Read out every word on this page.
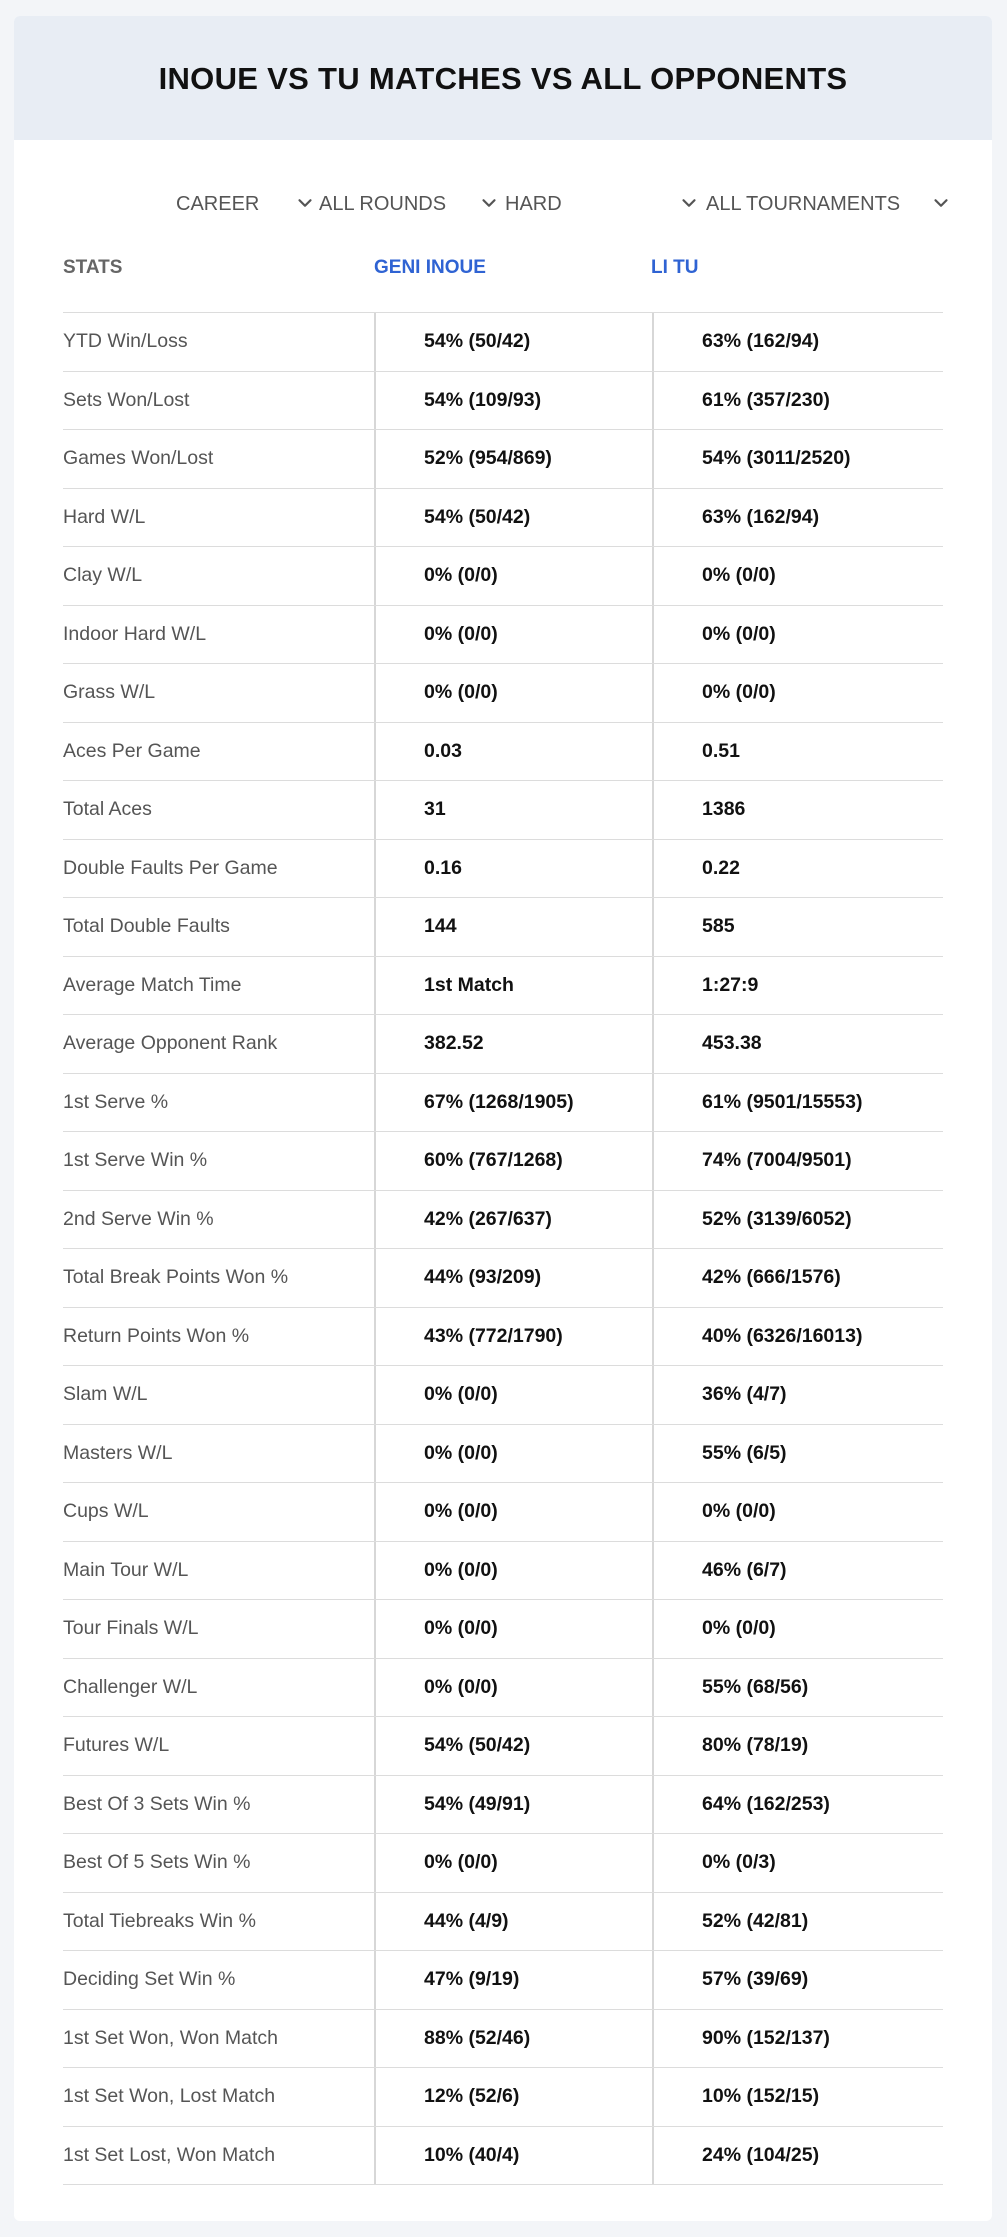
INOUE VS TU MATCHES VS ALL OPPONENTS
CAREER	ALL ROUNDS	HARD	ALL TOURNAMENTS
STATS	GENI INOUE	LI TU
YTD Win/Loss	54% (50/42)	63% (162/94)
Sets Won/Lost	54% (109/93)	61% (357/230)
Games Won/Lost	52% (954/869)	54% (3011/2520)
Hard W/L	54% (50/42)	63% (162/94)
Clay W/L	0% (0/0)	0% (0/0)
Indoor Hard W/L	0% (0/0)	0% (0/0)
Grass W/L	0% (0/0)	0% (0/0)
Aces Per Game	0.03	0.51
Total Aces	31	1386
Double Faults Per Game	0.16	0.22
Total Double Faults	144	585
Average Match Time	1st Match	1:27:9
Average Opponent Rank	382.52	453.38
1st Serve %	67% (1268/1905)	61% (9501/15553)
1st Serve Win %	60% (767/1268)	74% (7004/9501)
2nd Serve Win %	42% (267/637)	52% (3139/6052)
Total Break Points Won %	44% (93/209)	42% (666/1576)
Return Points Won %	43% (772/1790)	40% (6326/16013)
Slam W/L	0% (0/0)	36% (4/7)
Masters W/L	0% (0/0)	55% (6/5)
Cups W/L	0% (0/0)	0% (0/0)
Main Tour W/L	0% (0/0)	46% (6/7)
Tour Finals W/L	0% (0/0)	0% (0/0)
Challenger W/L	0% (0/0)	55% (68/56)
Futures W/L	54% (50/42)	80% (78/19)
Best Of 3 Sets Win %	54% (49/91)	64% (162/253)
Best Of 5 Sets Win %	0% (0/0)	0% (0/3)
Total Tiebreaks Win %	44% (4/9)	52% (42/81)
Deciding Set Win %	47% (9/19)	57% (39/69)
1st Set Won, Won Match	88% (52/46)	90% (152/137)
1st Set Won, Lost Match	12% (52/6)	10% (152/15)
1st Set Lost, Won Match	10% (40/4)	24% (104/25)
